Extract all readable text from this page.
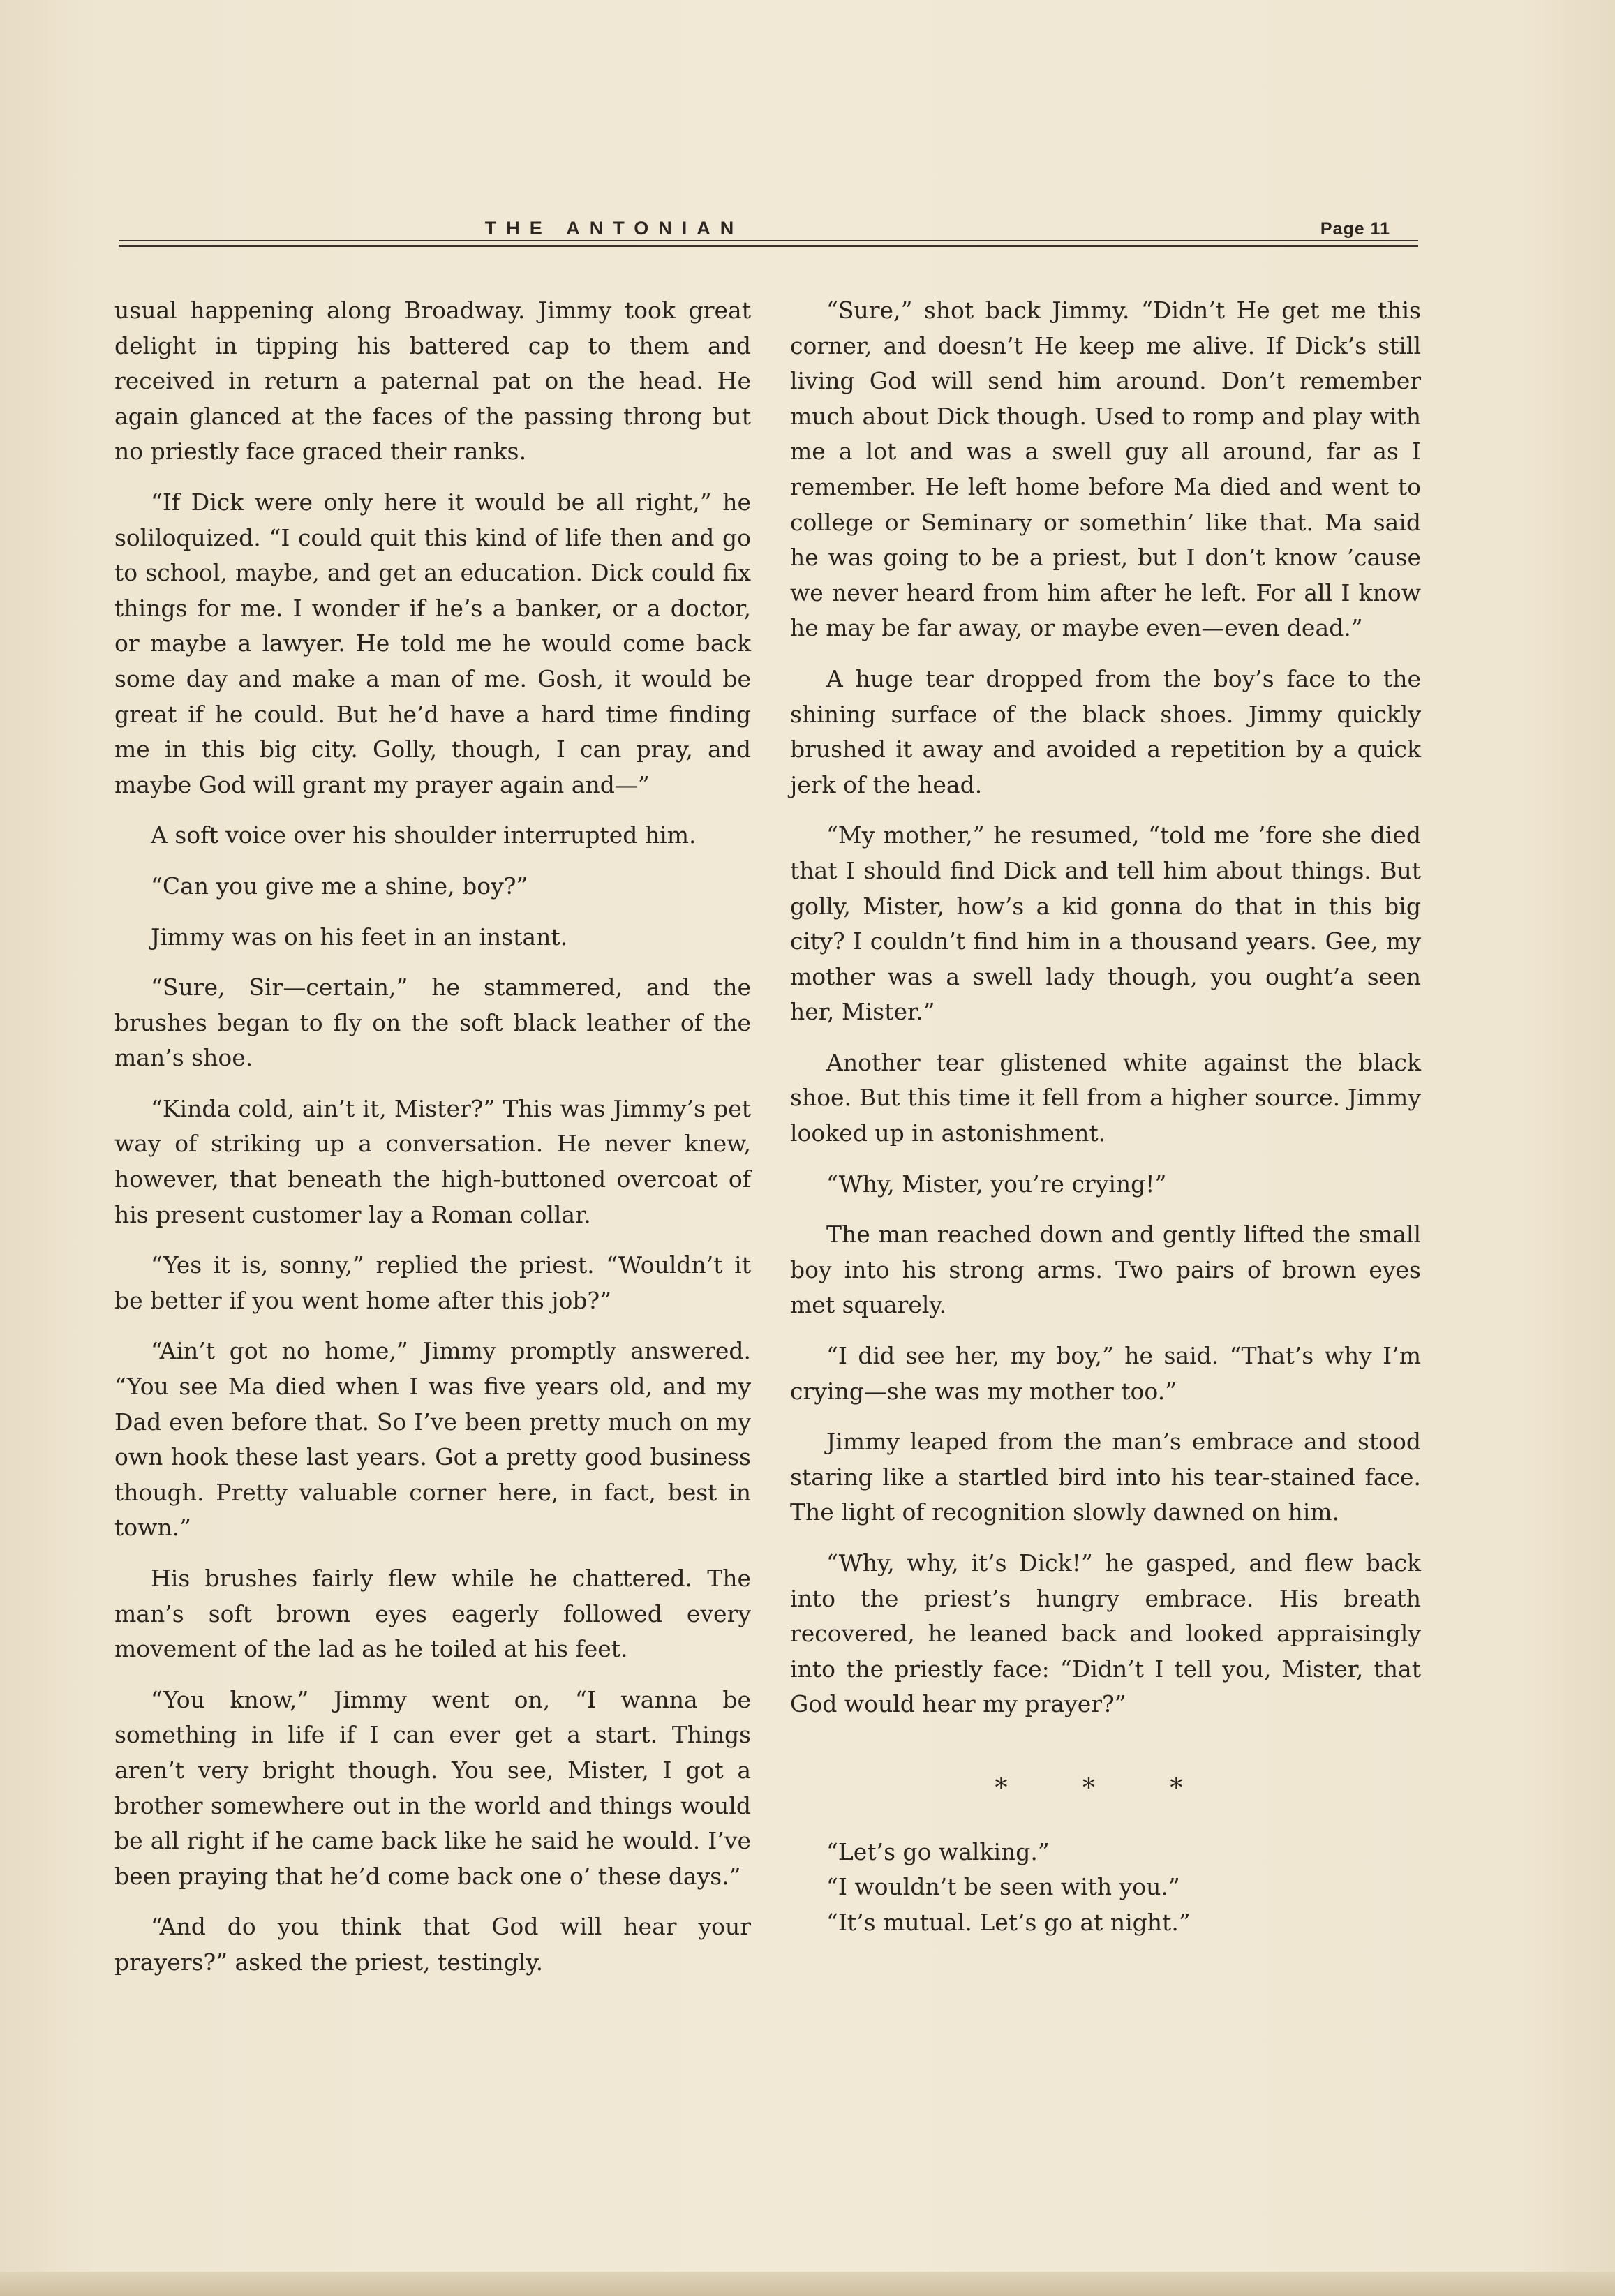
THE ANTONIAN	Page 11

usual happening along Broadway. Jimmy took great delight in tipping his battered cap to them and received in return a paternal pat on the head. He again glanced at the faces of the passing throng but no priestly face graced their ranks.

“If Dick were only here it would be all right,” he soliloquized. “I could quit this kind of life then and go to school, maybe, and get an education. Dick could fix things for me. I wonder if he’s a banker, or a doctor, or maybe a lawyer. He told me he would come back some day and make a man of me. Gosh, it would be great if he could. But he’d have a hard time finding me in this big city. Golly, though, I can pray, and maybe God will grant my prayer again and—”

A soft voice over his shoulder interrupted him.

“Can you give me a shine, boy?”

Jimmy was on his feet in an instant.

“Sure, Sir—certain,” he stammered, and the brushes began to fly on the soft black leather of the man’s shoe.

“Kinda cold, ain’t it, Mister?” This was Jimmy’s pet way of striking up a conversation. He never knew, however, that beneath the high-buttoned overcoat of his present customer lay a Roman collar.

“Yes it is, sonny,” replied the priest. “Wouldn’t it be better if you went home after this job?”

“Ain’t got no home,” Jimmy promptly answered. “You see Ma died when I was five years old, and my Dad even before that. So I’ve been pretty much on my own hook these last years. Got a pretty good business though. Pretty valuable corner here, in fact, best in town.”

His brushes fairly flew while he chattered. The man’s soft brown eyes eagerly followed every movement of the lad as he toiled at his feet.

“You know,” Jimmy went on, “I wanna be something in life if I can ever get a start. Things aren’t very bright though. You see, Mister, I got a brother somewhere out in the world and things would be all right if he came back like he said he would. I’ve been praying that he’d come back one o’ these days.”

“And do you think that God will hear your prayers?” asked the priest, testingly.

“Sure,” shot back Jimmy. “Didn’t He get me this corner, and doesn’t He keep me alive. If Dick’s still living God will send him around. Don’t remember much about Dick though. Used to romp and play with me a lot and was a swell guy all around, far as I remember. He left home before Ma died and went to college or Seminary or somethin’ like that. Ma said he was going to be a priest, but I don’t know ’cause we never heard from him after he left. For all I know he may be far away, or maybe even—even dead.”

A huge tear dropped from the boy’s face to the shining surface of the black shoes. Jimmy quickly brushed it away and avoided a repetition by a quick jerk of the head.

“My mother,” he resumed, “told me ’fore she died that I should find Dick and tell him about things. But golly, Mister, how’s a kid gonna do that in this big city? I couldn’t find him in a thousand years. Gee, my mother was a swell lady though, you ought’a seen her, Mister.”

Another tear glistened white against the black shoe. But this time it fell from a higher source. Jimmy looked up in astonishment.

“Why, Mister, you’re crying!”

The man reached down and gently lifted the small boy into his strong arms. Two pairs of brown eyes met squarely.

“I did see her, my boy,” he said. “That’s why I’m crying—she was my mother too.”

Jimmy leaped from the man’s embrace and stood staring like a startled bird into his tear-stained face. The light of recognition slowly dawned on him.

“Why, why, it’s Dick!” he gasped, and flew back into the priest’s hungry embrace. His breath recovered, he leaned back and looked appraisingly into the priestly face: “Didn’t I tell you, Mister, that God would hear my prayer?”

* * *

“Let’s go walking.”

“I wouldn’t be seen with you.”

“It’s mutual. Let’s go at night.”
